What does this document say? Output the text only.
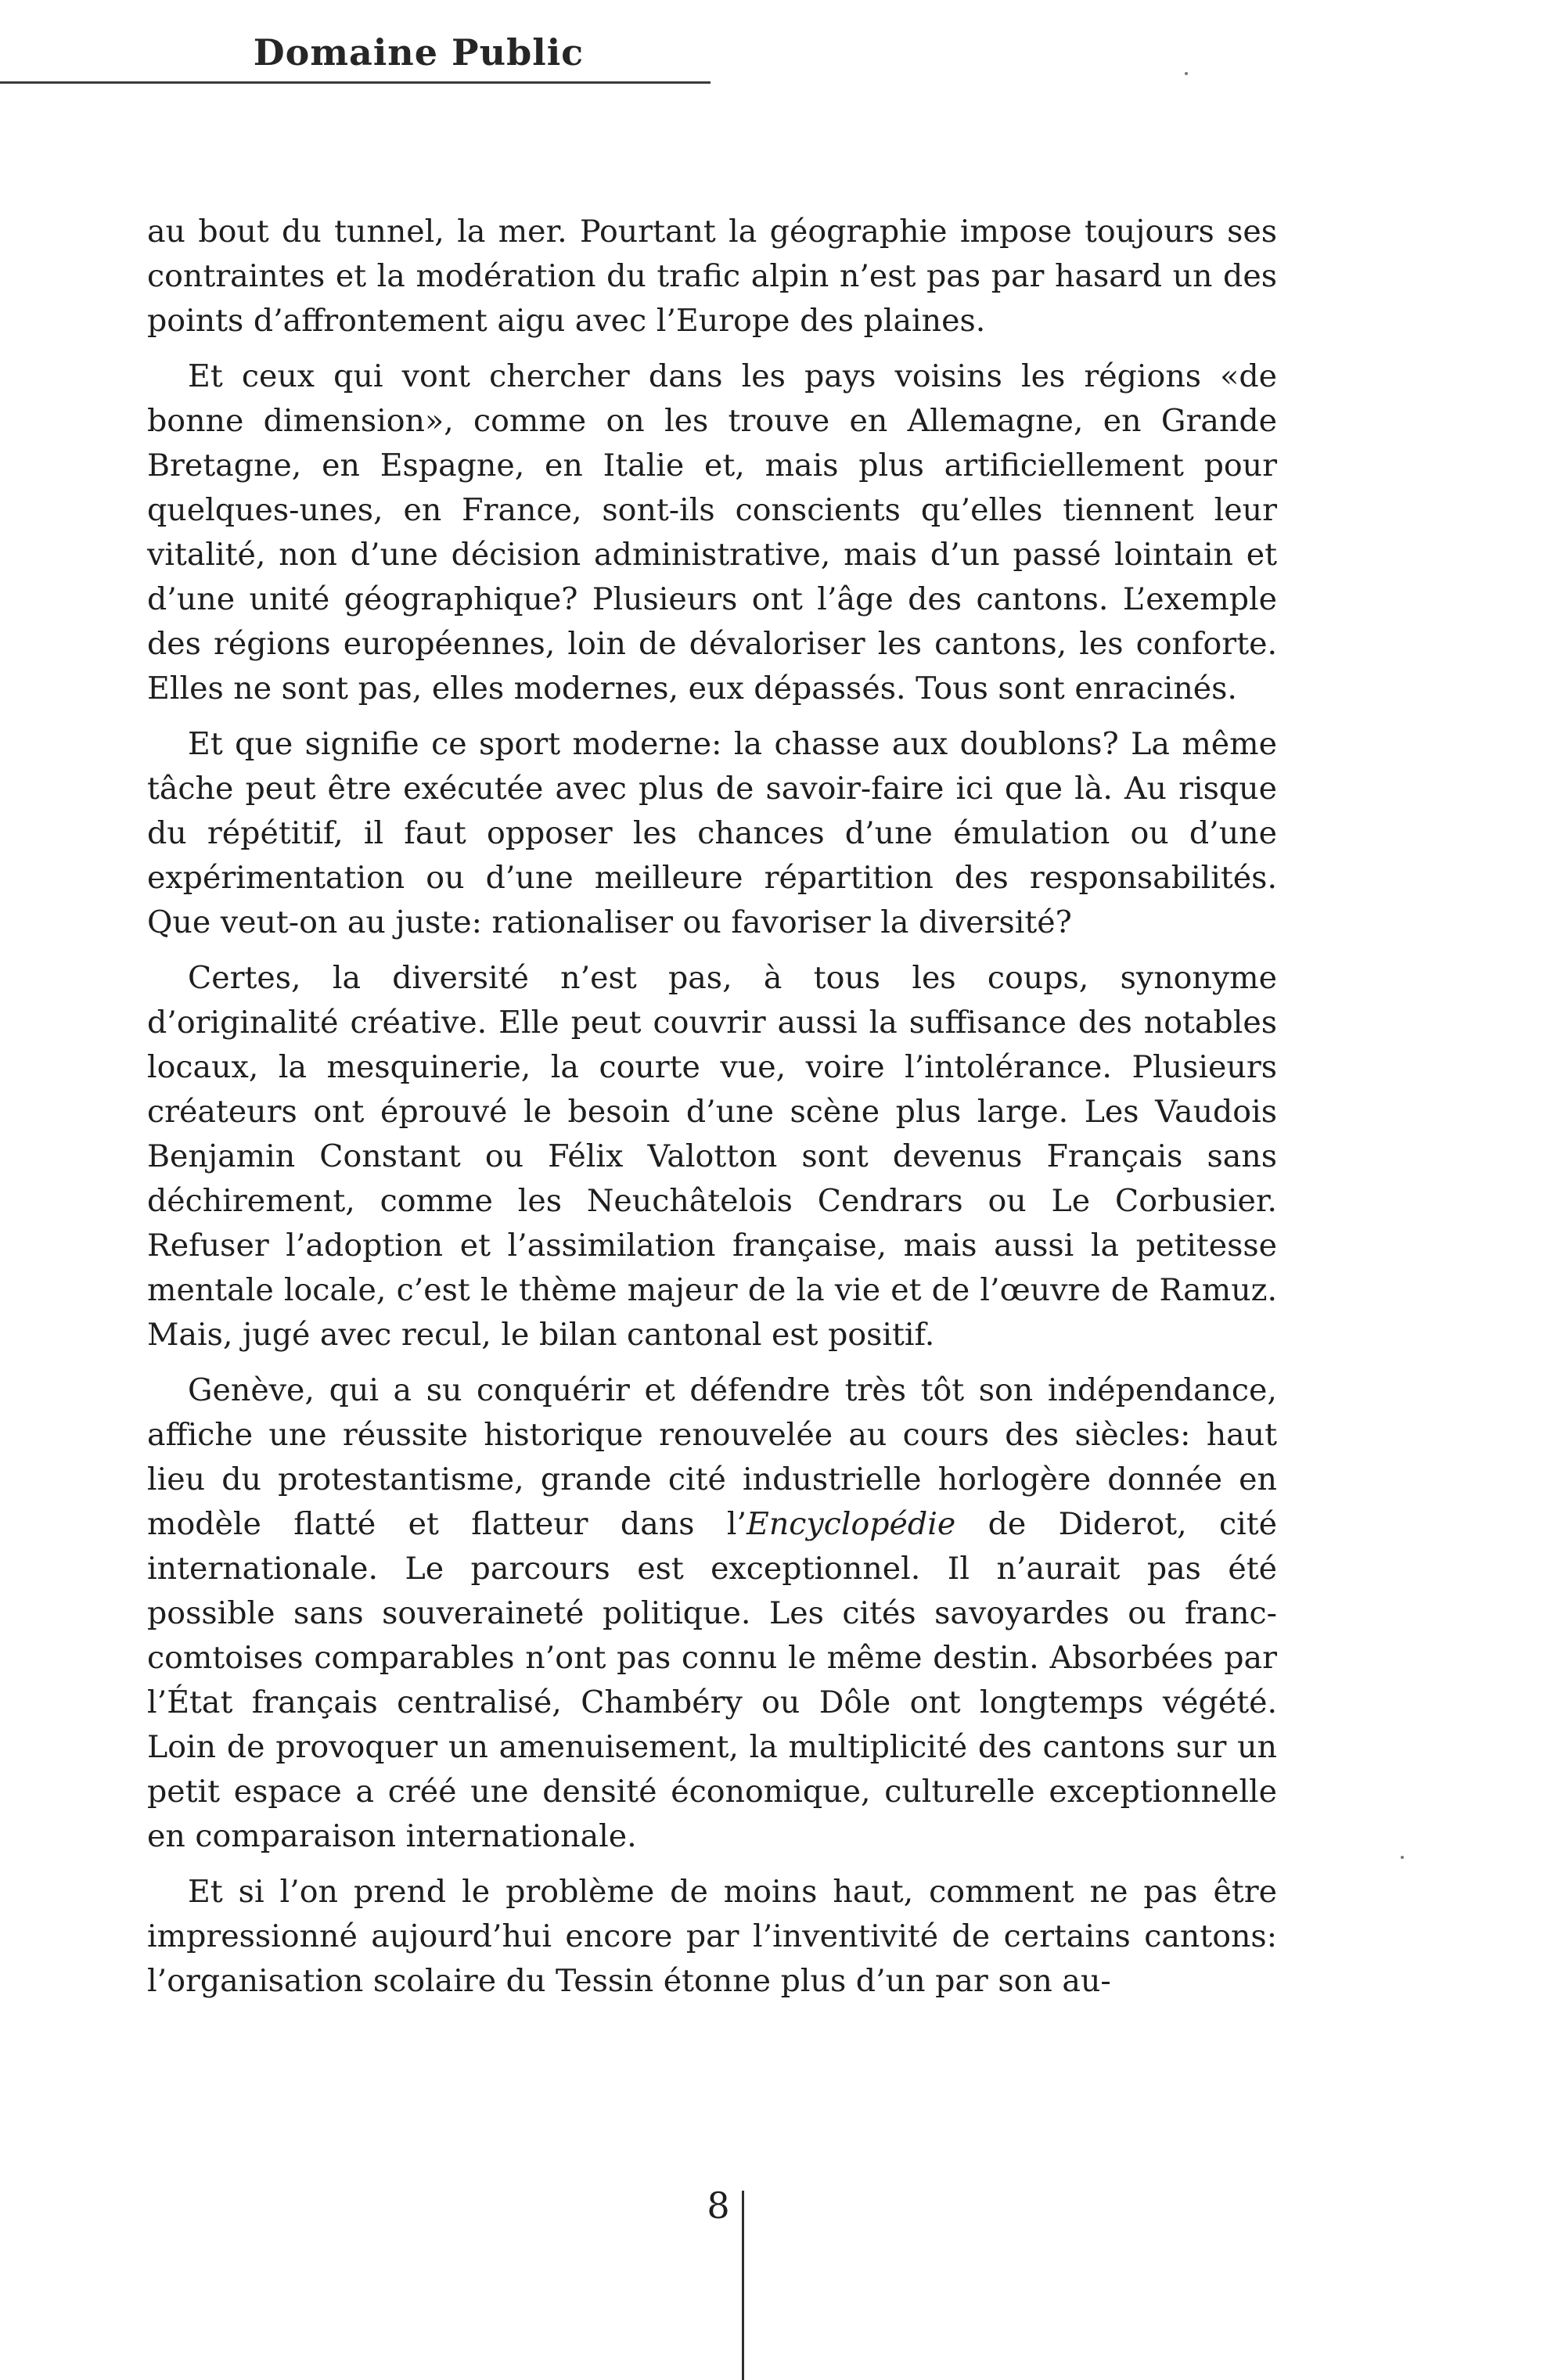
Domaine Public

au bout du tunnel, la mer. Pourtant la géographie impose toujours ses contraintes et la modération du trafic alpin n’est pas par hasard un des points d’affrontement aigu avec l’Europe des plaines.

Et ceux qui vont chercher dans les pays voisins les régions «de bonne dimension», comme on les trouve en Allemagne, en Grande Bretagne, en Espagne, en Italie et, mais plus artificiellement pour quelques-unes, en France, sont-ils conscients qu’elles tiennent leur vitalité, non d’une décision administrative, mais d’un passé lointain et d’une unité géographique? Plusieurs ont l’âge des cantons. L’exemple des régions européennes, loin de dévaloriser les cantons, les conforte. Elles ne sont pas, elles modernes, eux dépassés. Tous sont enracinés.

Et que signifie ce sport moderne: la chasse aux doublons? La même tâche peut être exécutée avec plus de savoir-faire ici que là. Au risque du répétitif, il faut opposer les chances d’une émulation ou d’une expérimentation ou d’une meilleure répartition des responsabilités. Que veut-on au juste: rationaliser ou favoriser la diversité?

Certes, la diversité n’est pas, à tous les coups, synonyme d’originalité créative. Elle peut couvrir aussi la suffisance des notables locaux, la mesquinerie, la courte vue, voire l’intolérance. Plusieurs créateurs ont éprouvé le besoin d’une scène plus large. Les Vaudois Benjamin Constant ou Félix Valotton sont devenus Français sans déchirement, comme les Neuchâtelois Cendrars ou Le Corbusier. Refuser l’adoption et l’assimilation française, mais aussi la petitesse mentale locale, c’est le thème majeur de la vie et de l’œuvre de Ramuz. Mais, jugé avec recul, le bilan cantonal est positif.

Genève, qui a su conquérir et défendre très tôt son indépendance, affiche une réussite historique renouvelée au cours des siècles: haut lieu du protestantisme, grande cité industrielle horlogère donnée en modèle flatté et flatteur dans l’Encyclopédie de Diderot, cité internationale. Le parcours est exceptionnel. Il n’aurait pas été possible sans souveraineté politique. Les cités savoyardes ou franc-comtoises comparables n’ont pas connu le même destin. Absorbées par l’État français centralisé, Chambéry ou Dôle ont longtemps végété. Loin de provoquer un amenuisement, la multiplicité des cantons sur un petit espace a créé une densité économique, culturelle exceptionnelle en comparaison internationale.

Et si l’on prend le problème de moins haut, comment ne pas être impressionné aujourd’hui encore par l’inventivité de certains cantons: l’organisation scolaire du Tessin étonne plus d’un par son au-

8
